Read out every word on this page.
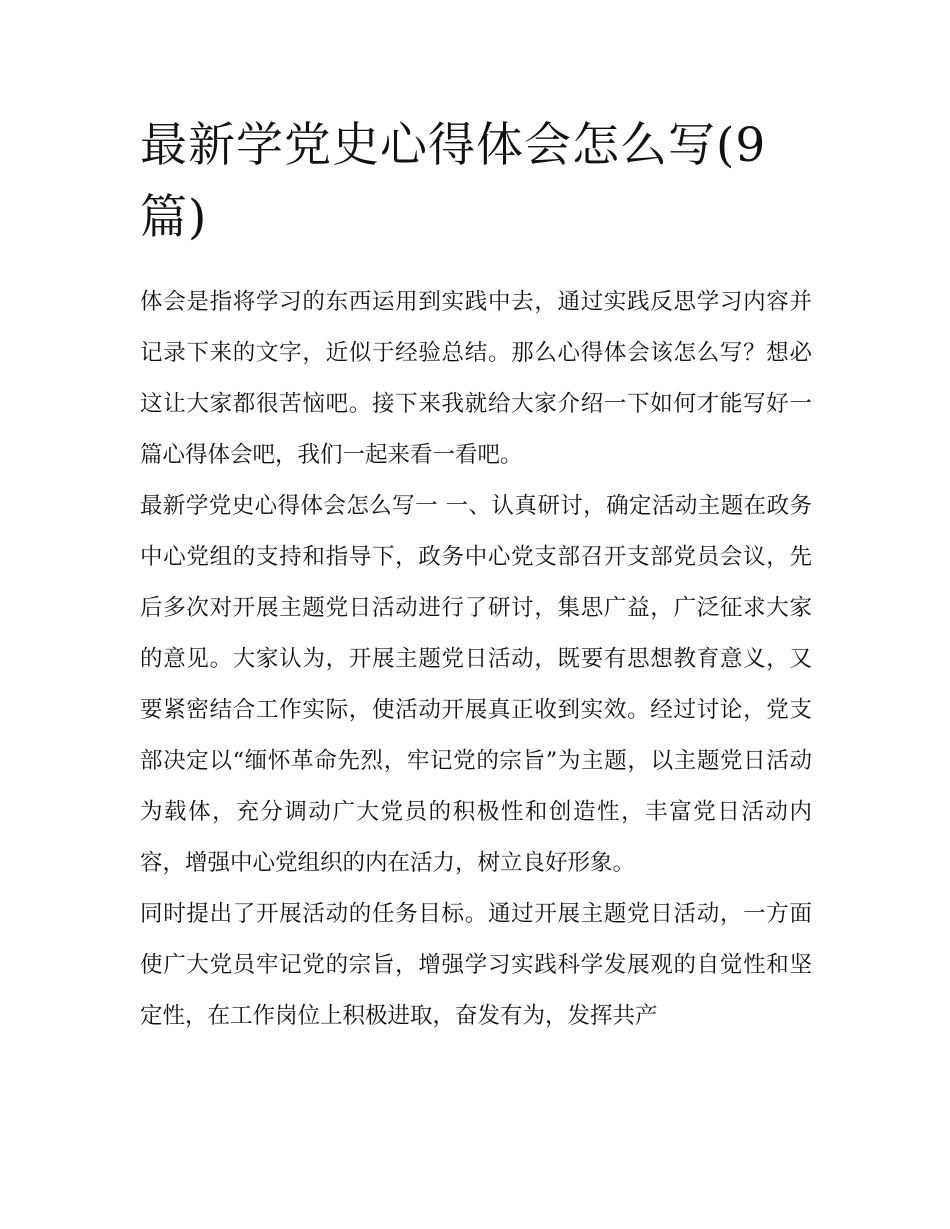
最新学党史心得体会怎么写(9篇)

体会是指将学习的东西运用到实践中去，通过实践反思学习内容并记录下来的文字，近似于经验总结。那么心得体会该怎么写？想必这让大家都很苦恼吧。接下来我就给大家介绍一下如何才能写好一篇心得体会吧，我们一起来看一看吧。

最新学党史心得体会怎么写一 一、认真研讨，确定活动主题在政务中心党组的支持和指导下，政务中心党支部召开支部党员会议，先后多次对开展主题党日活动进行了研讨，集思广益，广泛征求大家的意见。大家认为，开展主题党日活动，既要有思想教育意义，又要紧密结合工作实际，使活动开展真正收到实效。经过讨论，党支部决定以“缅怀革命先烈，牢记党的宗旨”为主题，以主题党日活动为载体，充分调动广大党员的积极性和创造性，丰富党日活动内容，增强中心党组织的内在活力，树立良好形象。

同时提出了开展活动的任务目标。通过开展主题党日活动，一方面使广大党员牢记党的宗旨，增强学习实践科学发展观的自觉性和坚定性，在工作岗位上积极进取，奋发有为，发挥共产
